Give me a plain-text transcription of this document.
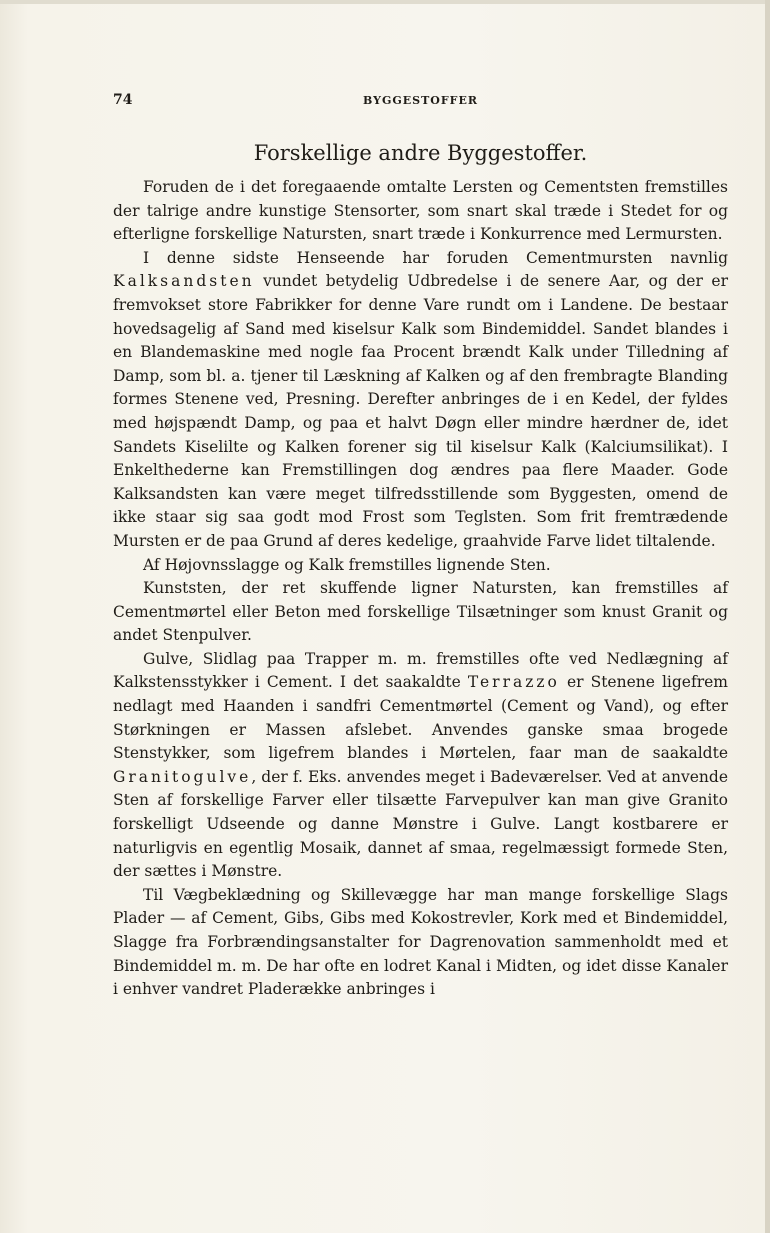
74	BYGGESTOFFER
Forskellige andre Byggestoffer.

Foruden de i det foregaaende omtalte Lersten og Cementsten fremstilles der talrige andre kunstige Stensorter, som snart skal træde i Stedet for og efterligne forskellige Natursten, snart træde i Konkurrence med Lermursten.

I denne sidste Henseende har foruden Cementmursten navnlig Kalksandsten vundet betydelig Udbredelse i de senere Aar, og der er fremvokset store Fabrikker for denne Vare rundt om i Landene. De bestaar hovedsagelig af Sand med kiselsur Kalk som Bindemiddel. Sandet blandes i en Blandemaskine med nogle faa Procent brændt Kalk under Tilledning af Damp, som bl. a. tjener til Læskning af Kalken og af den frembragte Blanding formes Stenene ved, Presning. Derefter anbringes de i en Kedel, der fyldes med højspændt Damp, og paa et halvt Døgn eller mindre hærdner de, idet Sandets Kiselilte og Kalken forener sig til kiselsur Kalk (Kalciumsilikat). I Enkelthederne kan Fremstillingen dog ændres paa flere Maader. Gode Kalksandsten kan være meget tilfredsstillende som Byggesten, omend de ikke staar sig saa godt mod Frost som Teglsten. Som frit fremtrædende Mursten er de paa Grund af deres kedelige, graahvide Farve lidet tiltalende.

Af Højovnsslagge og Kalk fremstilles lignende Sten.

Kunststen, der ret skuffende ligner Natursten, kan fremstilles af Cementmørtel eller Beton med forskellige Tilsætninger som knust Granit og andet Stenpulver.

Gulve, Slidlag paa Trapper m. m. fremstilles ofte ved Nedlægning af Kalkstensstykker i Cement. I det saakaldte Terrazzo er Stenene ligefrem nedlagt med Haanden i sandfri Cementmørtel (Cement og Vand), og efter Størkningen er Massen afslebet. Anvendes ganske smaa brogede Stenstykker, som ligefrem blandes i Mørtelen, faar man de saakaldte Granitogulve, der f. Eks. anvendes meget i Badeværelser. Ved at anvende Sten af forskellige Farver eller tilsætte Farvepulver kan man give Granito forskelligt Udseende og danne Mønstre i Gulve. Langt kostbarere er naturligvis en egentlig Mosaik, dannet af smaa, regelmæssigt formede Sten, der sættes i Mønstre.

Til Vægbeklædning og Skillevægge har man mange forskellige Slags Plader — af Cement, Gibs, Gibs med Kokostrevler, Kork med et Bindemiddel, Slagge fra Forbrændingsanstalter for Dagrenovation sammenholdt med et Bindemiddel m. m. De har ofte en lodret Kanal i Midten, og idet disse Kanaler i enhver vandret Pladerække anbringes i
